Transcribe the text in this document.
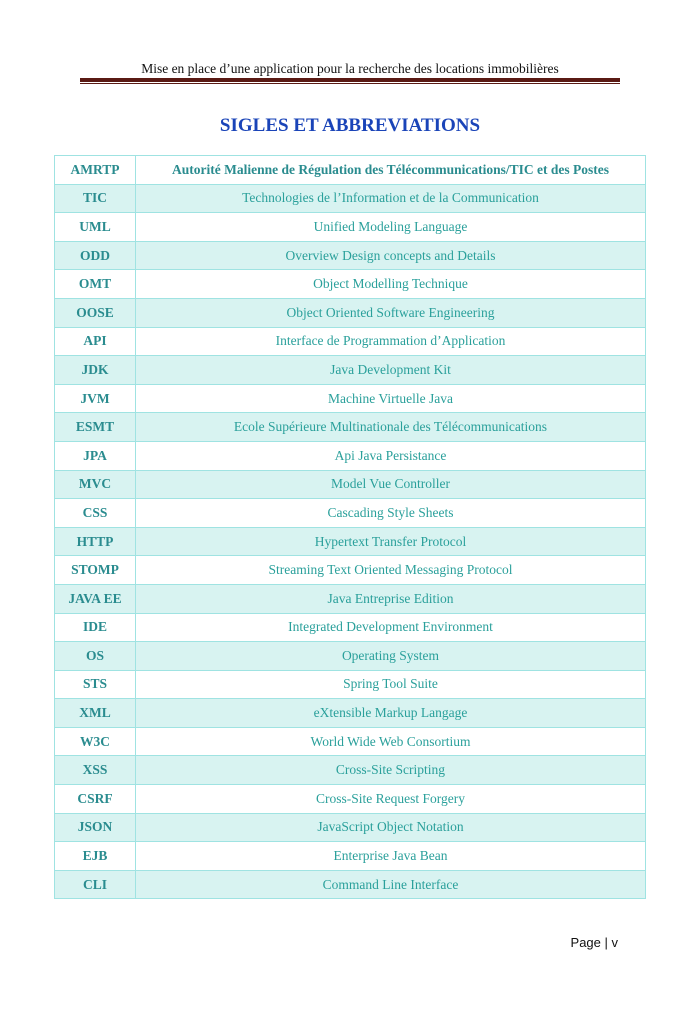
Mise en place d’une application pour la recherche des locations immobilières
SIGLES ET ABBREVIATIONS
AMRTP	Autorité Malienne de Régulation des Télécommunications/TIC et des Postes
TIC	Technologies de l’Information et de la Communication
UML	Unified Modeling Language
ODD	Overview Design concepts and Details
OMT	Object Modelling Technique
OOSE	Object Oriented Software Engineering
API	Interface de Programmation d’Application
JDK	Java Development Kit
JVM	Machine Virtuelle Java
ESMT	Ecole Supérieure Multinationale des Télécommunications
JPA	Api Java Persistance
MVC	Model Vue Controller
CSS	Cascading Style Sheets
HTTP	Hypertext Transfer Protocol
STOMP	Streaming Text Oriented Messaging Protocol
JAVA EE	Java Entreprise Edition
IDE	Integrated Development Environment
OS	Operating System
STS	Spring Tool Suite
XML	eXtensible Markup Langage
W3C	World Wide Web Consortium
XSS	Cross-Site Scripting
CSRF	Cross-Site Request Forgery
JSON	JavaScript Object Notation
EJB	Enterprise Java Bean
CLI	Command Line Interface
Page | v
